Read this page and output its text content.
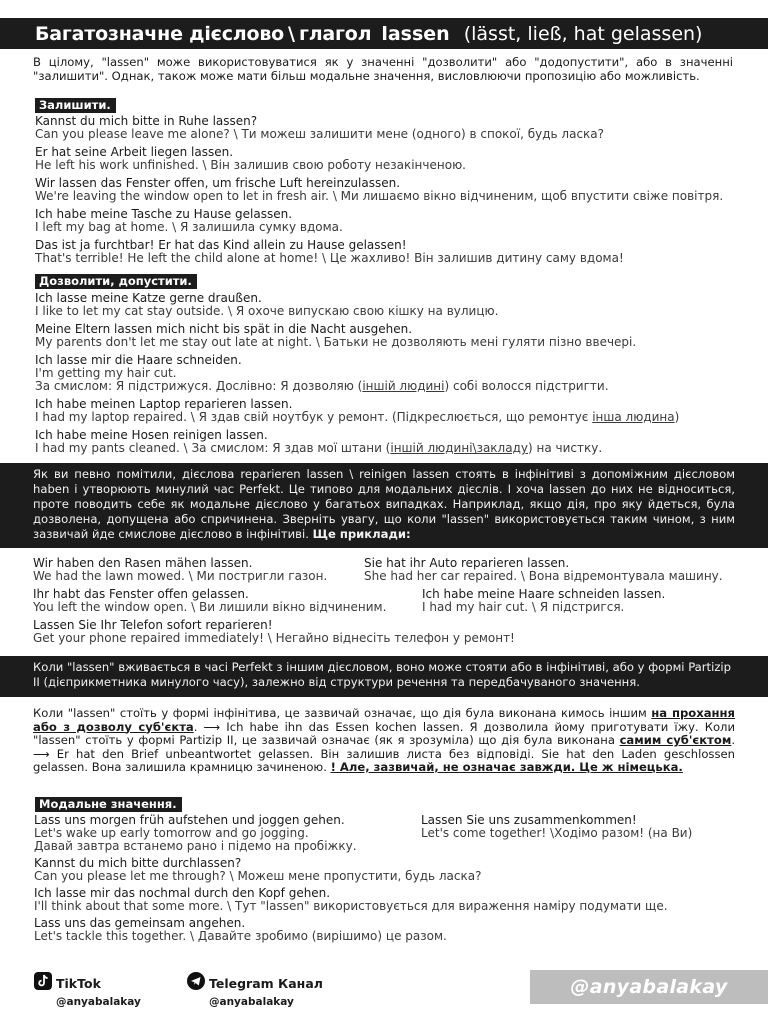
Багатозначне дієслово \ глагол lassen (lässt, ließ, hat gelassen)
В цілому, "lassen" може використовуватися як у значенні "дозволити" або "додопустити", або в значенні "залишити". Однак, також може мати більш модальне значення, висловлюючи пропозицію або можливість.
Залишити.
Kannst du mich bitte in Ruhe lassen?
Can you please leave me alone? \ Ти можеш залишити мене (одного) в спокої, будь ласка?
Er hat seine Arbeit liegen lassen.
He left his work unfinished. \ Він залишив свою роботу незакінченою.
Wir lassen das Fenster offen, um frische Luft hereinzulassen.
We're leaving the window open to let in fresh air. \ Ми лишаємо вікно відчиненим, щоб впустити свіже повітря.
Ich habe meine Tasche zu Hause gelassen.
I left my bag at home. \ Я залишила сумку вдома.
Das ist ja furchtbar! Er hat das Kind allein zu Hause gelassen!
That's terrible! He left the child alone at home! \ Це жахливо! Він залишив дитину саму вдома!
Дозволити, допустити.
Ich lasse meine Katze gerne draußen.
I like to let my cat stay outside. \ Я охоче випускаю свою кішку на вулицю.
Meine Eltern lassen mich nicht bis spät in die Nacht ausgehen.
My parents don't let me stay out late at night. \ Батьки не дозволяють мені гуляти пізно ввечері.
Ich lasse mir die Haare schneiden.
I'm getting my hair cut.
За смислом: Я підстрижуся. Дослівно: Я дозволяю (іншій людині) собі волосся підстригти.
Ich habe meinen Laptop reparieren lassen.
I had my laptop repaired. \ Я здав свій ноутбук у ремонт. (Підкреслюється, що ремонтує інша людина)
Ich habe meine Hosen reinigen lassen.
I had my pants cleaned. \ За смислом: Я здав мої штани (іншій людині\закладу) на чистку.
Як ви певно помітили, дієслова reparieren lassen \ reinigen lassen стоять в інфінітиві з допоміжним дієсловом haben і утворюють минулий час Perfekt. Це типово для модальних дієслів. І хоча lassen до них не відноситься, проте поводить себе як модальне дієслово у багатьох випадках. Наприклад, якщо дія, про яку йдеться, була дозволена, допущена або спричинена. Зверніть увагу, що коли "lassen" використовується таким чином, з ним зазвичай йде смислове дієслово в інфінітиві. Ще приклади:
Wir haben den Rasen mähen lassen.
We had the lawn mowed. \ Ми постригли газон.
Sie hat ihr Auto reparieren lassen.
She had her car repaired. \ Вона відремонтувала машину.
Ihr habt das Fenster offen gelassen.
You left the window open. \ Ви лишили вікно відчиненим.
Ich habe meine Haare schneiden lassen.
I had my hair cut. \ Я підстригся.
Lassen Sie Ihr Telefon sofort reparieren!
Get your phone repaired immediately! \ Негайно віднесіть телефон у ремонт!
Коли "lassen" вживається в часі Perfekt з іншим дієсловом, воно може стояти або в інфінітиві, або у формі Partizip II (дієприкметника минулого часу), залежно від структури речення та передбачуваного значення.
Коли "lassen" стоїть у формі інфінітива, це зазвичай означає, що дія була виконана кимось іншим на прохання або з дозволу суб'єкта. ⟶ Ich habe ihn das Essen kochen lassen. Я дозволила йому приготувати їжу. Коли "lassen" стоїть у формі Partizip II, це зазвичай означає (як я зрозуміла) що дія була виконана самим суб'єктом. ⟶ Er hat den Brief unbeantwortet gelassen. Він залишив листа без відповіді. Sie hat den Laden geschlossen gelassen. Вона залишила крамницю зачиненою. ! Але, зазвичай, не означає завжди. Це ж німецька.
Модальне значення.
Lass uns morgen früh aufstehen und joggen gehen.
Let's wake up early tomorrow and go jogging.
Давай завтра встанемо рано і підемо на пробіжку.
Lassen Sie uns zusammenkommen!
Let's come together! \Ходімо разом! (на Ви)
Kannst du mich bitte durchlassen?
Can you please let me through? \ Можеш мене пропустити, будь ласка?
Ich lasse mir das nochmal durch den Kopf gehen.
I'll think about that some more. \ Тут "lassen" використовується для вираження наміру подумати ще.
Lass uns das gemeinsam angehen.
Let's tackle this together. \ Давайте зробимо (вирішимо) це разом.
TikTok
@anyabalakay
Telegram Канал
@anyabalakay
@anyabalakay
